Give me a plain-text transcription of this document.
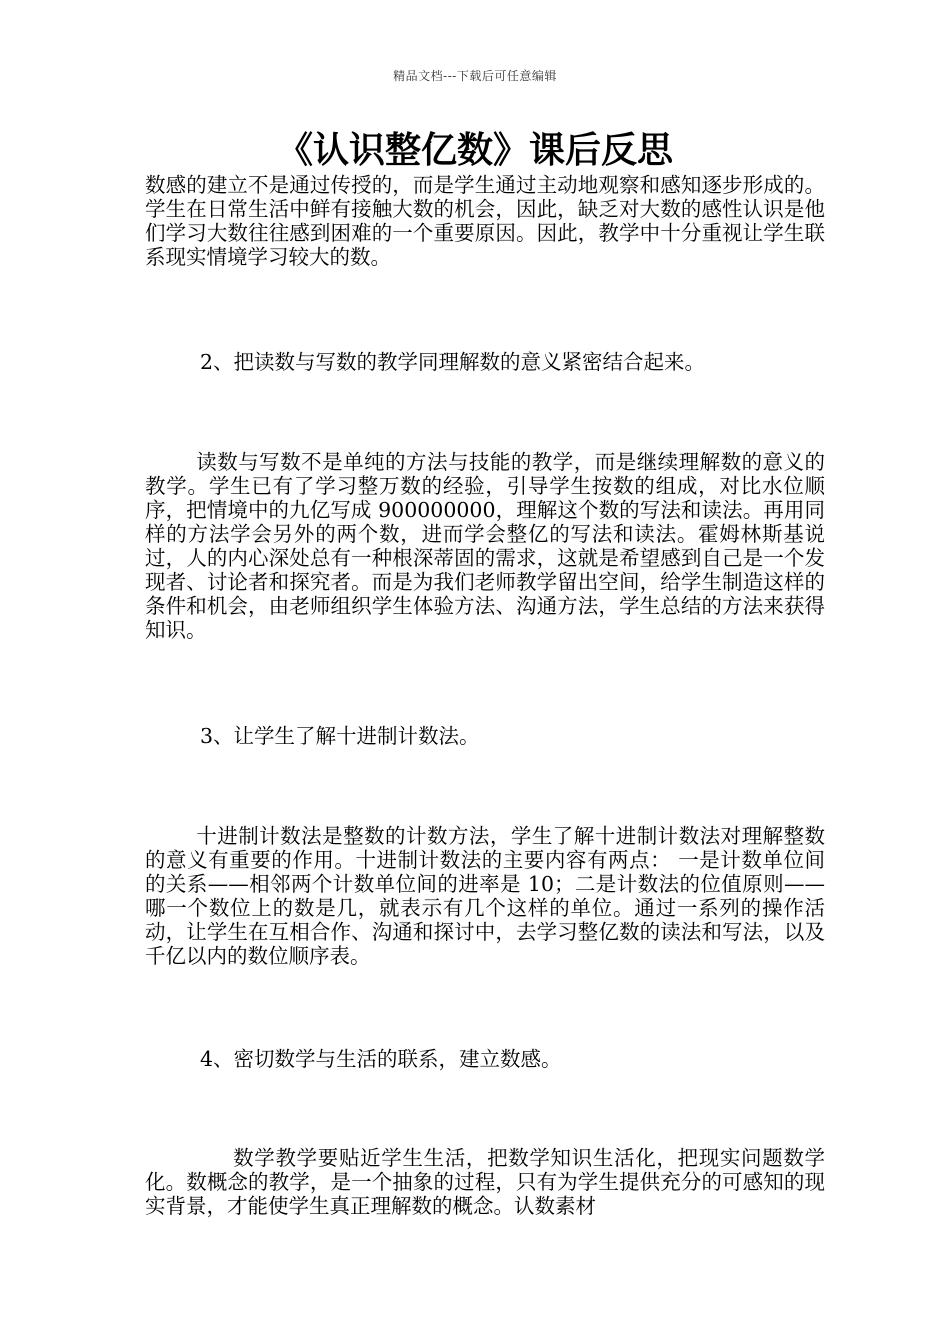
精品文档---下载后可任意编辑
《认识整亿数》课后反思

数感的建立不是通过传授的，而是学生通过主动地观察和感知逐步形成的。学生在日常生活中鲜有接触大数的机会，因此，缺乏对大数的感性认识是他们学习大数往往感到困难的一个重要原因。因此，教学中十分重视让学生联系现实情境学习较大的数。

2、把读数与写数的教学同理解数的意义紧密结合起来。

读数与写数不是单纯的方法与技能的教学，而是继续理解数的意义的教学。学生已有了学习整万数的经验，引导学生按数的组成，对比水位顺序，把情境中的九亿写成 900000000，理解这个数的写法和读法。再用同样的方法学会另外的两个数，进而学会整亿的写法和读法。霍姆林斯基说过，人的内心深处总有一种根深蒂固的需求，这就是希望感到自己是一个发现者、讨论者和探究者。而是为我们老师教学留出空间，给学生制造这样的条件和机会，由老师组织学生体验方法、沟通方法，学生总结的方法来获得知识。

3、让学生了解十进制计数法。

十进制计数法是整数的计数方法，学生了解十进制计数法对理解整数的意义有重要的作用。十进制计数法的主要内容有两点： 一是计数单位间的关系——相邻两个计数单位间的进率是 10；二是计数法的位值原则——哪一个数位上的数是几，就表示有几个这样的单位。通过一系列的操作活动，让学生在互相合作、沟通和探讨中，去学习整亿数的读法和写法，以及千亿以内的数位顺序表。

4、密切数学与生活的联系，建立数感。

数学教学要贴近学生生活，把数学知识生活化，把现实问题数学化。数概念的教学，是一个抽象的过程，只有为学生提供充分的可感知的现实背景，才能使学生真正理解数的概念。认数素材
